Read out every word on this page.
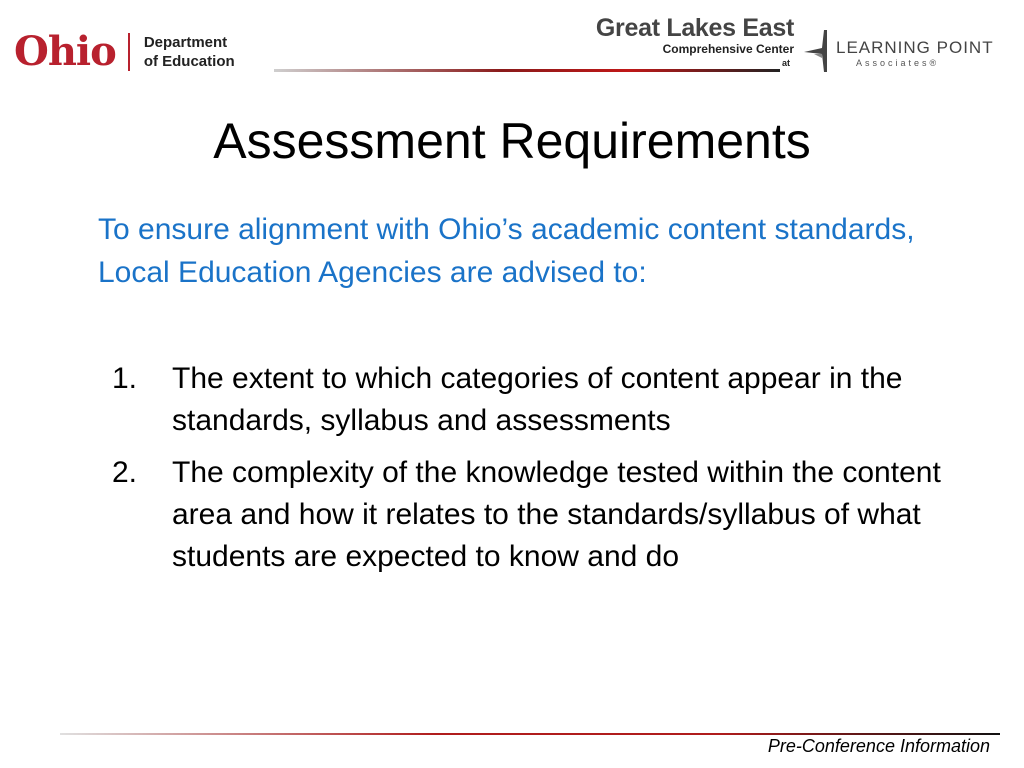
Ohio Department
of Education
Great Lakes East
Comprehensive Center
at
LEARNING POINT
Associates®
Assessment Requirements
To ensure alignment with Ohio’s academic content standards, Local Education Agencies are advised to:
1. The extent to which categories of content appear in the standards, syllabus and assessments
2. The complexity of the knowledge tested within the content area and how it relates to the standards/syllabus of what students are expected to know and do
Pre-Conference Information
